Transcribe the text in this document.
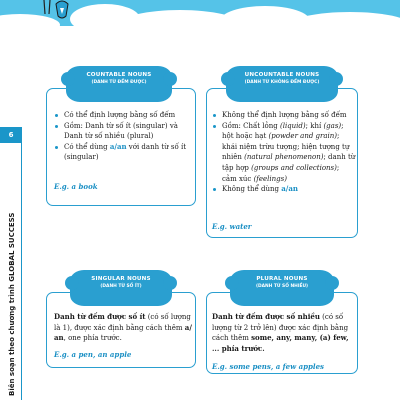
6
Biên soạn theo chương trình GLOBAL SUCCESS
COUNTABLE NOUNS
(DANH TỪ ĐẾM ĐƯỢC)
Có thể định lượng bằng số đếm
Gồm: Danh từ số ít (singular) và Danh từ số nhiều (plural)
Có thể dùng a/an với danh từ số ít (singular)
E.g. a book
UNCOUNTABLE NOUNS
(DANH TỪ KHÔNG ĐẾM ĐƯỢC)
Không thể định lượng bằng số đếm
Gồm: Chất lỏng (liquid); khí (gas); hột hoặc hạt (powder and grain); khái niệm trừu tượng; hiện tượng tự nhiên (natural phenomenon); danh từ tập hợp (groups and collections); cảm xúc (feelings)
Không thể dùng a/an
E.g. water
SINGULAR NOUNS
(DANH TỪ SỐ ÍT)
Danh từ đếm được số ít (có số lượng là 1), được xác định bằng cách thêm a/ an, one phía trước.
E.g. a pen, an apple
PLURAL NOUNS
(DANH TỪ SỐ NHIỀU)
Danh từ đếm được số nhiều (có số lượng từ 2 trở lên) được xác định bằng cách thêm some, any, many, (a) few, ... phía trước.
E.g. some pens, a few apples
